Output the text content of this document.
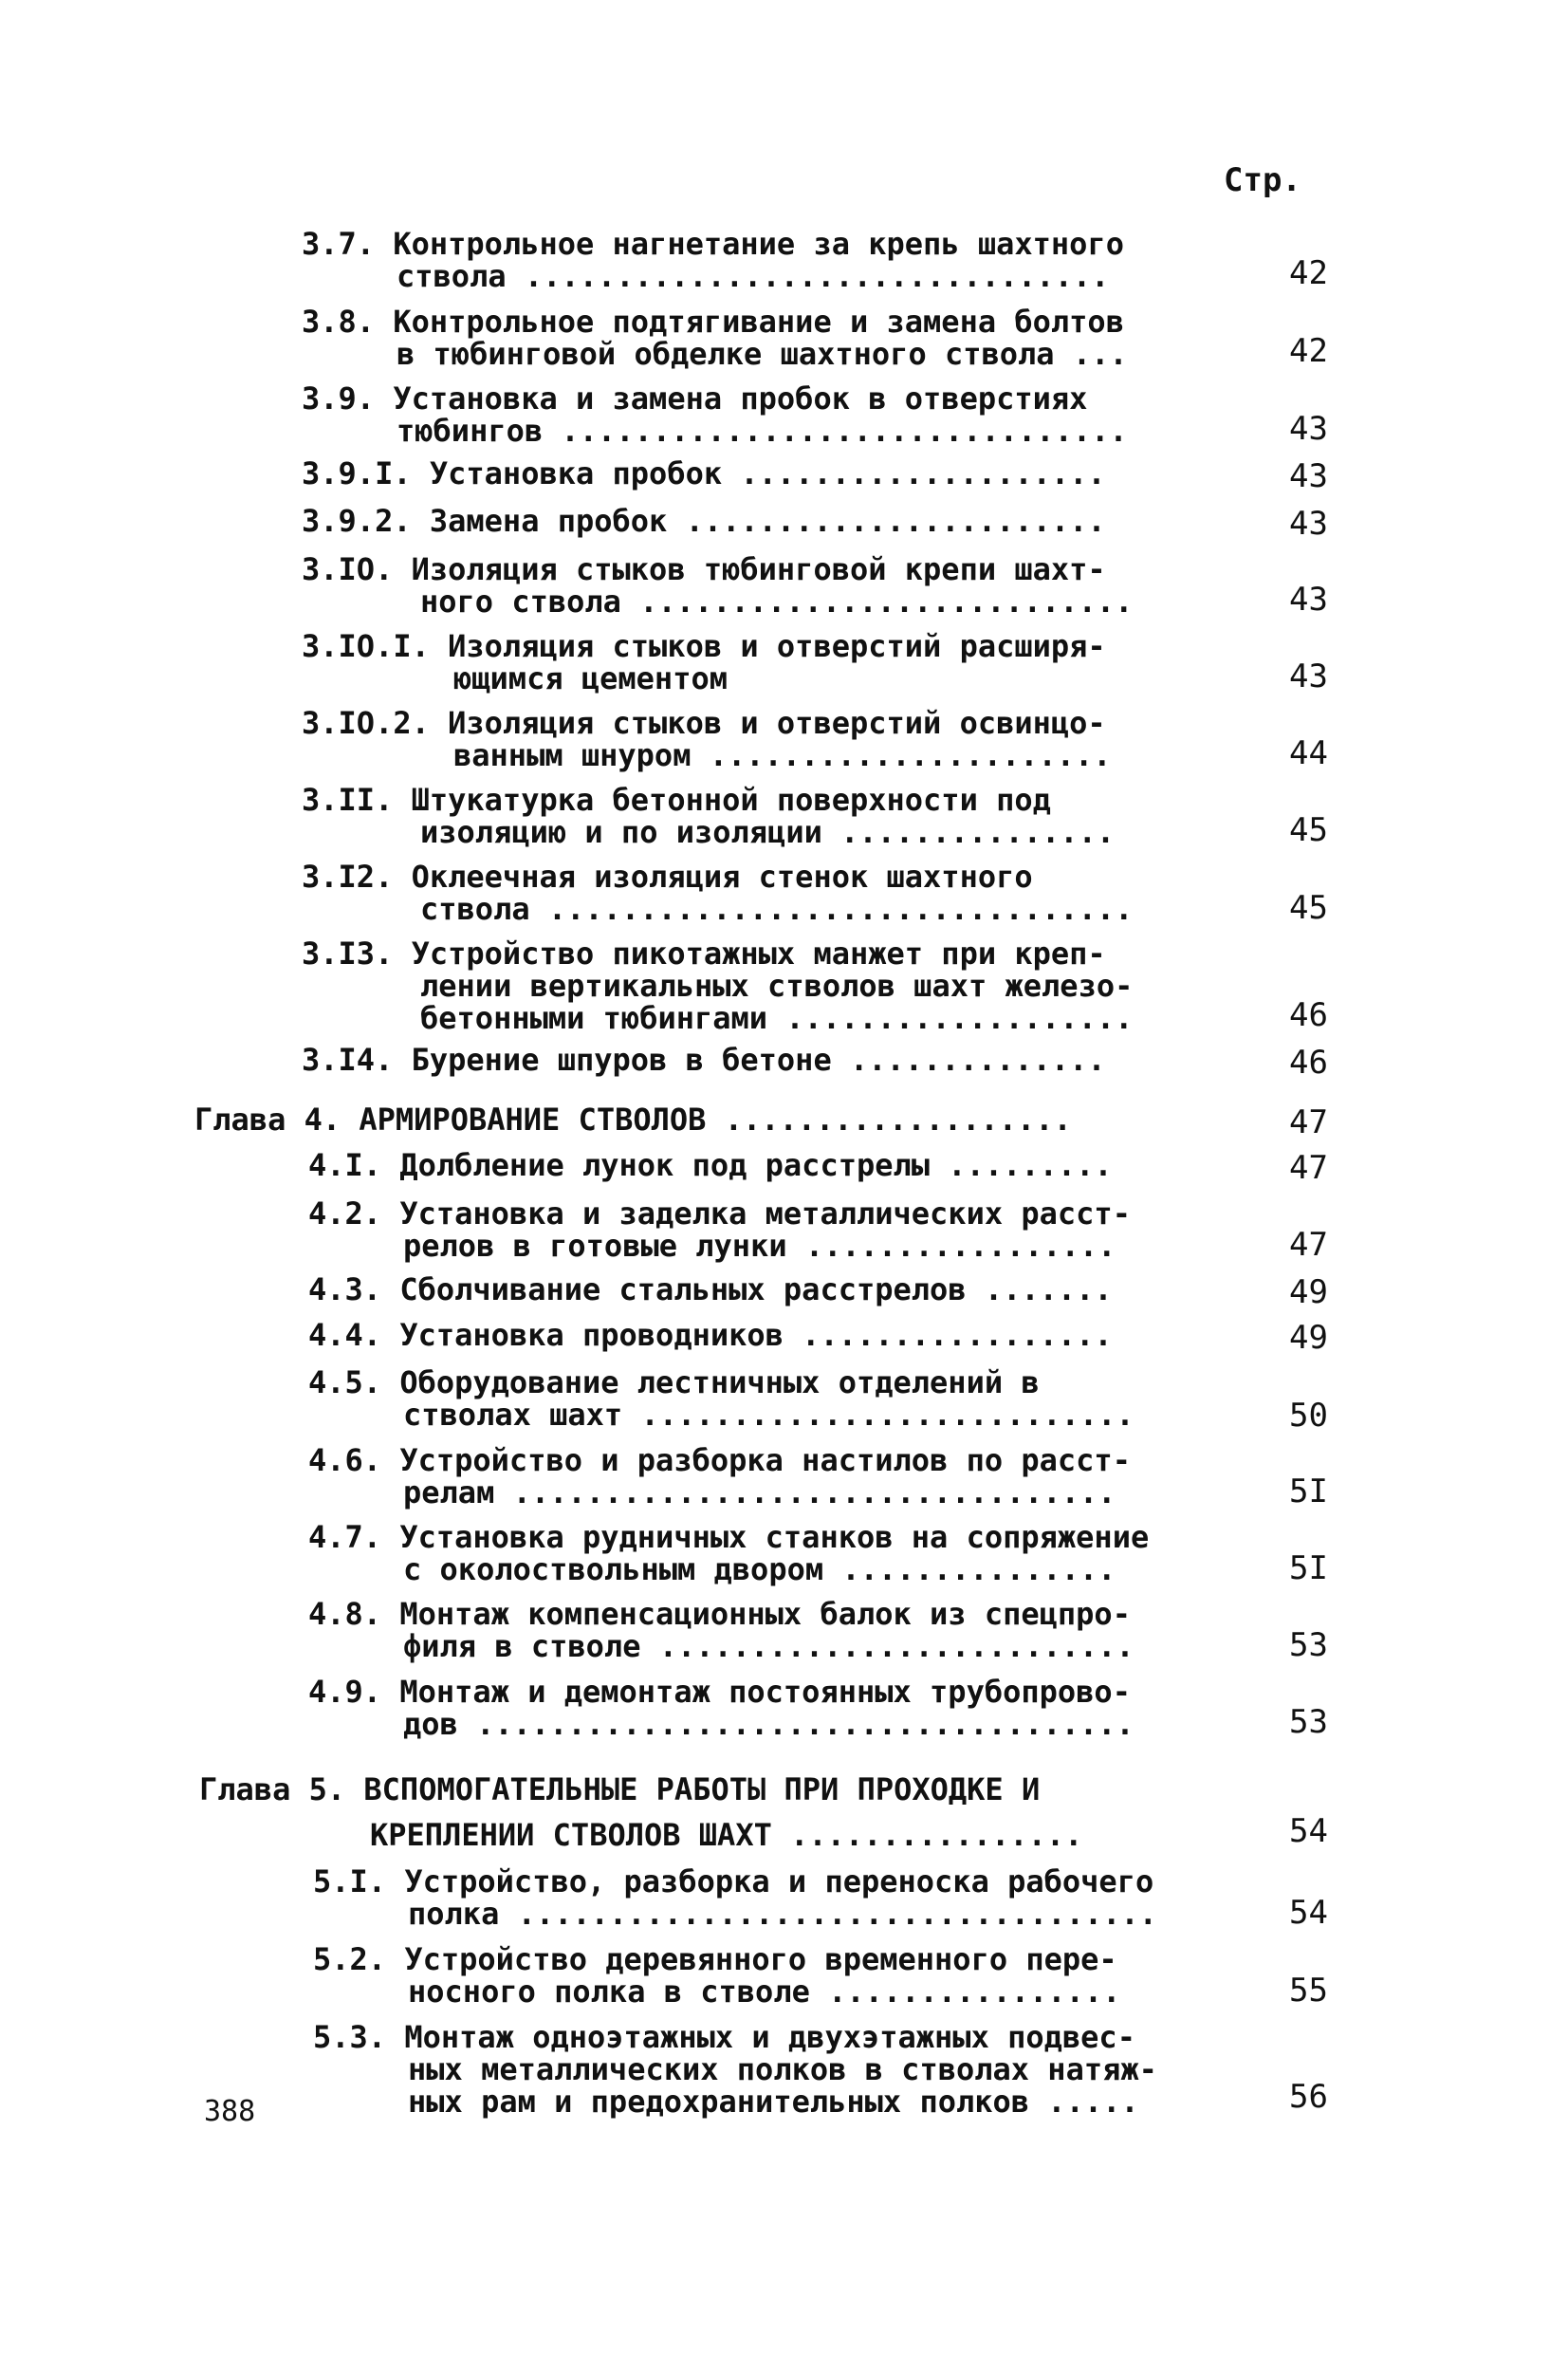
Стр.
3.7. Контрольное нагнетание за крепь шахтного
ствола ................................	42
3.8. Контрольное подтягивание и замена болтов
в тюбинговой обделке шахтного ствола ...	42
3.9. Установка и замена пробок в отверстиях
тюбингов ...............................	43
3.9.I. Установка пробок ....................	43
3.9.2. Замена пробок .......................	43
3.IO. Изоляция стыков тюбинговой крепи шахт-
ного ствола ...........................	43
3.IO.I. Изоляция стыков и отверстий расширя-
ющимся цементом	43
3.IO.2. Изоляция стыков и отверстий освинцо-
ванным шнуром ......................	44
3.II. Штукатурка бетонной поверхности под
изоляцию и по изоляции ...............	45
3.I2. Оклеечная изоляция стенок шахтного
ствола ................................	45
3.I3. Устройство пикотажных манжет при креп-
лении вертикальных стволов шахт железо-
бетонными тюбингами ...................	46
3.I4. Бурение шпуров в бетоне ..............	46
Глава 4. АРМИРОВАНИЕ СТВОЛОВ ...................	47
4.I. Долбление лунок под расстрелы .........	47
4.2. Установка и заделка металлических расст-
релов в готовые лунки .................	47
4.3. Сболчивание стальных расстрелов .......	49
4.4. Установка проводников .................	49
4.5. Оборудование лестничных отделений в
стволах шахт ...........................	50
4.6. Устройство и разборка настилов по расст-
релам .................................	5I
4.7. Установка рудничных станков на сопряжение
с околоствольным двором ...............	5I
4.8. Монтаж компенсационных балок из спецпро-
филя в стволе ..........................	53
4.9. Монтаж и демонтаж постоянных трубопрово-
дов ....................................	53
Глава 5. ВСПОМОГАТЕЛЬНЫЕ РАБОТЫ ПРИ ПРОХОДКЕ И
КРЕПЛЕНИИ СТВОЛОВ ШАХТ ................	54
5.I. Устройство, разборка и переноска рабочего
полка ...................................	54
5.2. Устройство деревянного временного пере-
носного полка в стволе ................	55
5.3. Монтаж одноэтажных и двухэтажных подвес-
ных металлических полков в стволах натяж-
ных рам и предохранительных полков .....	56
388
